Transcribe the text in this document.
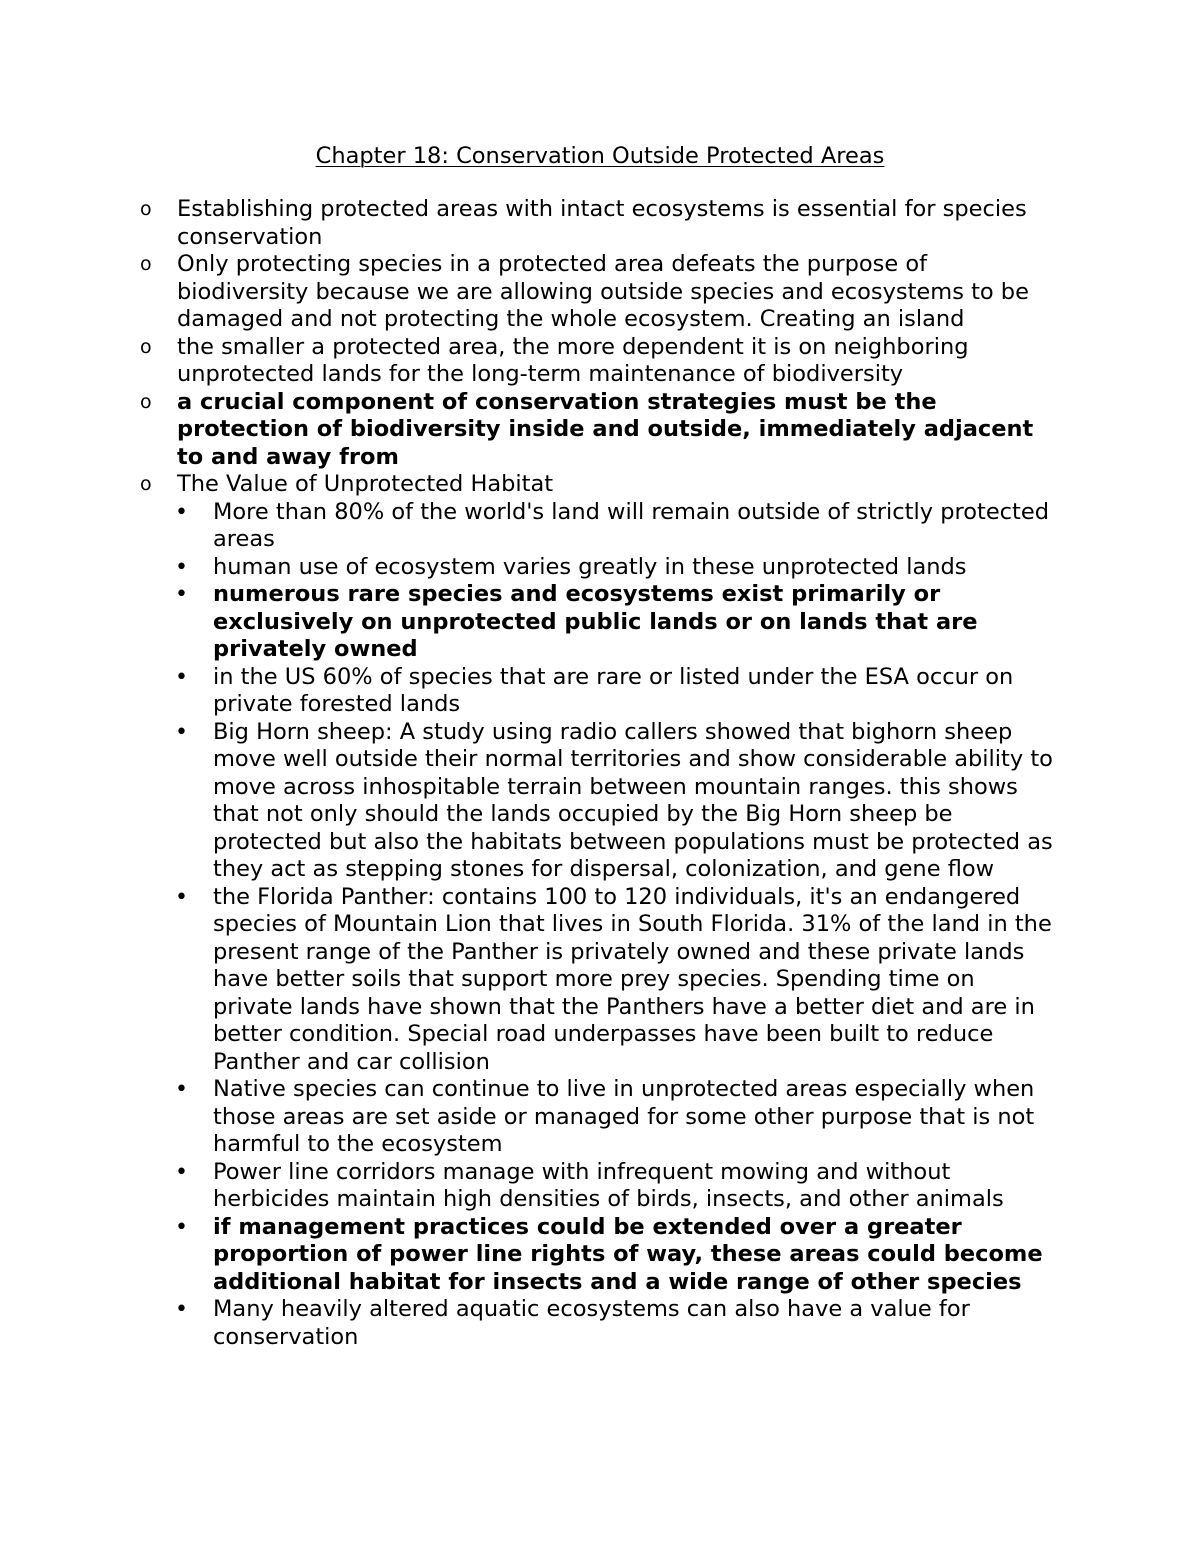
Chapter 18: Conservation Outside Protected Areas
o Establishing protected areas with intact ecosystems is essential for species conservation
o Only protecting species in a protected area defeats the purpose of biodiversity because we are allowing outside species and ecosystems to be damaged and not protecting the whole ecosystem. Creating an island
o the smaller a protected area, the more dependent it is on neighboring unprotected lands for the long-term maintenance of biodiversity
o a crucial component of conservation strategies must be the protection of biodiversity inside and outside, immediately adjacent to and away from
o The Value of Unprotected Habitat
• More than 80% of the world's land will remain outside of strictly protected areas
• human use of ecosystem varies greatly in these unprotected lands
• numerous rare species and ecosystems exist primarily or exclusively on unprotected public lands or on lands that are privately owned
• in the US 60% of species that are rare or listed under the ESA occur on private forested lands
• Big Horn sheep: A study using radio callers showed that bighorn sheep move well outside their normal territories and show considerable ability to move across inhospitable terrain between mountain ranges. this shows that not only should the lands occupied by the Big Horn sheep be protected but also the habitats between populations must be protected as they act as stepping stones for dispersal, colonization, and gene flow
• the Florida Panther: contains 100 to 120 individuals, it's an endangered species of Mountain Lion that lives in South Florida. 31% of the land in the present range of the Panther is privately owned and these private lands have better soils that support more prey species. Spending time on private lands have shown that the Panthers have a better diet and are in better condition. Special road underpasses have been built to reduce Panther and car collision
• Native species can continue to live in unprotected areas especially when those areas are set aside or managed for some other purpose that is not harmful to the ecosystem
• Power line corridors manage with infrequent mowing and without herbicides maintain high densities of birds, insects, and other animals
• if management practices could be extended over a greater proportion of power line rights of way, these areas could become additional habitat for insects and a wide range of other species
• Many heavily altered aquatic ecosystems can also have a value for conservation
